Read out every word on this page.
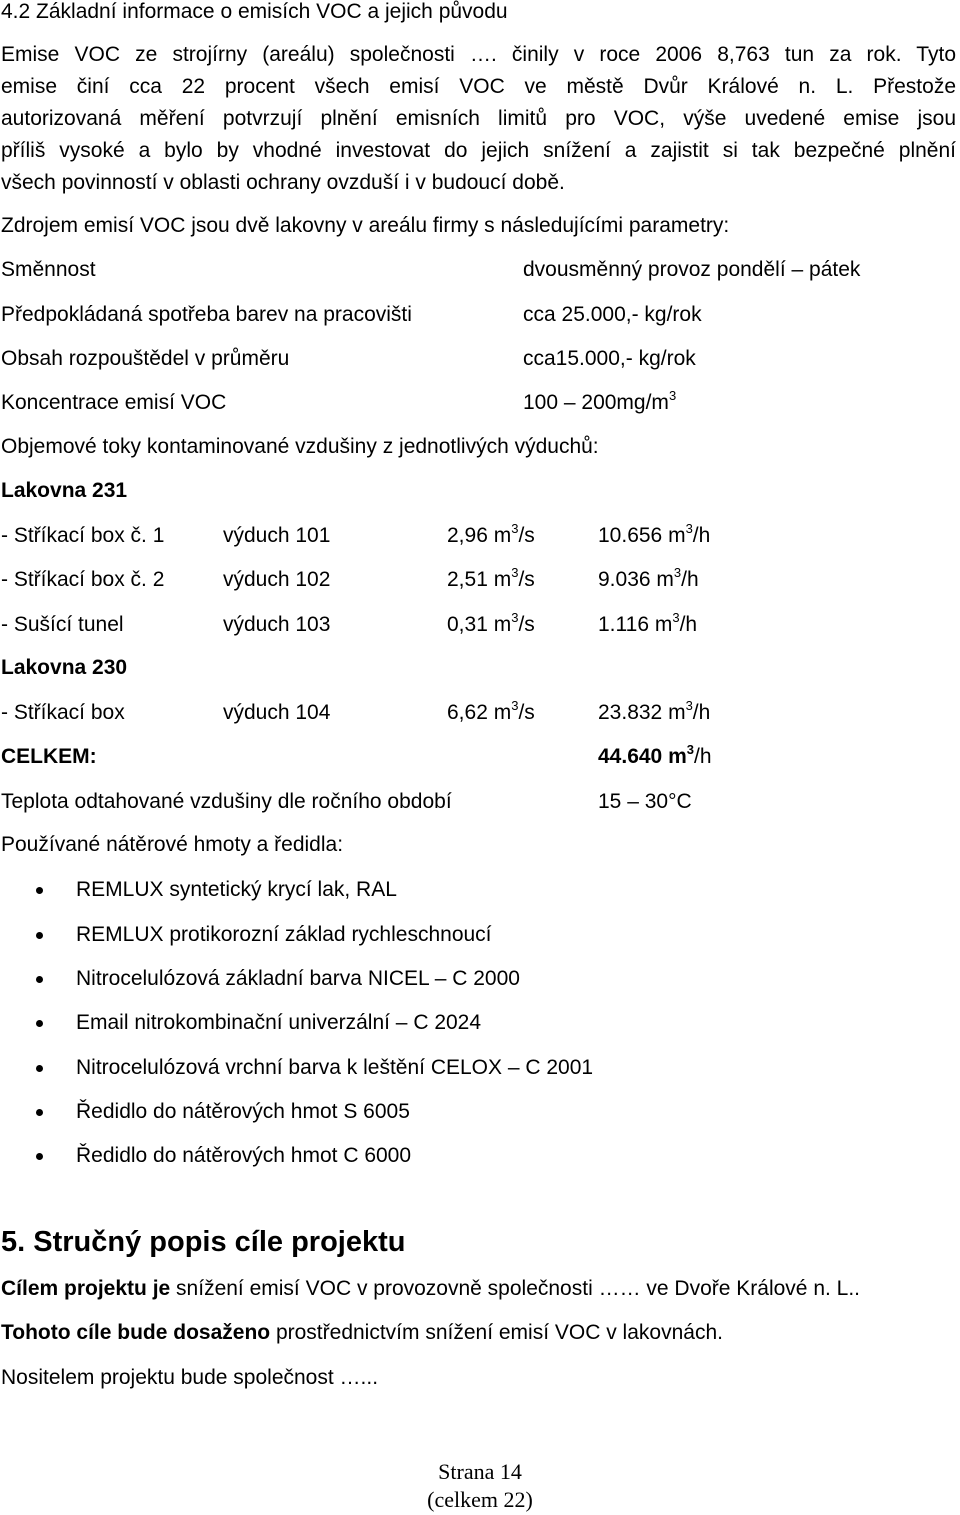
4.2 Základní informace o emisích VOC a jejich původu

Emise VOC ze strojírny (areálu) společnosti …. činily v roce 2006 8,763 tun za rok. Tyto

emise činí cca 22 procent všech emisí VOC ve městě Dvůr Králové n. L. Přestože

autorizovaná měření potvrzují plnění emisních limitů pro VOC, výše uvedené emise jsou

příliš vysoké a bylo by vhodné investovat do jejich snížení a zajistit si tak bezpečné plnění

všech povinností v oblasti ochrany ovzduší i v budoucí době.

Zdrojem emisí VOC jsou dvě lakovny v areálu firmy s následujícími parametry:
Směnnost	dvousměnný provoz pondělí – pátek
Předpokládaná spotřeba barev na pracovišti	cca 25.000,- kg/rok
Obsah rozpouštědel v průměru	cca15.000,- kg/rok
Koncentrace emisí VOC	$100 - 200mg/m^3$
Objemové toky kontaminované vzdušiny z jednotlivých výduchů:
Lakovna 231
- Stříkací box č. 1	výduch 101	2,96 $m^3/s$	10.656 $m^3/h$
- Stříkací box č. 2	výduch 102	2,51 $m^3/s$	9.036 $m^3/h$
- Sušící tunel	výduch 103	0,31 $m^3/s$	1.116 $m^3/h$
Lakovna 230
- Stříkací box	výduch 104	6,62 $m^3/s$	23.832 $m^3/h$
CELKEM:	44.640 $m^3/h$
Teplota odtahované vzdušiny dle ročního období	15 – 30°C
Používané nátěrové hmoty a ředidla:
REMLUX syntetický krycí lak, RAL
REMLUX protikorozní základ rychleschnoucí
Nitrocelulózová základní barva NICEL – C 2000
Email nitrokombinační univerzální – C 2024
Nitrocelulózová vrchní barva k leštění CELOX – C 2001
Ředidlo do nátěrových hmot S 6005
Ředidlo do nátěrových hmot C 6000
5. Stručný popis cíle projektu
Cílem projektu je snížení emisí VOC v provozovně společnosti …… ve Dvoře Králové n. L..
Tohoto cíle bude dosaženo prostřednictvím snížení emisí VOC v lakovnách.
Nositelem projektu bude společnost …...
Strana 14
(celkem 22)
